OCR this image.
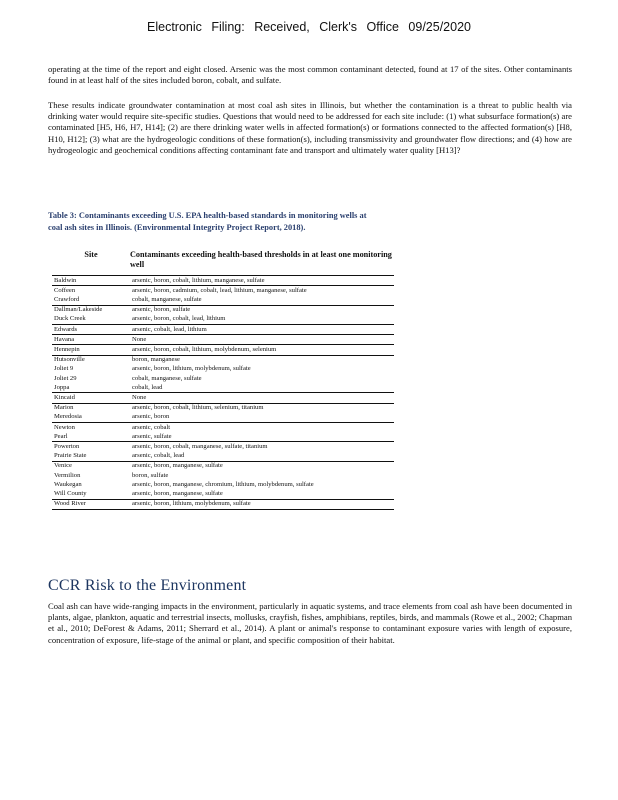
Electronic Filing: Received, Clerk's Office 09/25/2020
operating at the time of the report and eight closed. Arsenic was the most common contaminant detected, found at 17 of the sites. Other contaminants found in at least half of the sites included boron, cobalt, and sulfate.
These results indicate groundwater contamination at most coal ash sites in Illinois, but whether the contamination is a threat to public health via drinking water would require site-specific studies. Questions that would need to be addressed for each site include: (1) what subsurface formation(s) are contaminated [H5, H6, H7, H14]; (2) are there drinking water wells in affected formation(s) or formations connected to the affected formation(s) [H8, H10, H12]; (3) what are the hydrogeologic conditions of these formation(s), including transmissivity and groundwater flow directions; and (4) how are hydrogeologic and geochemical conditions affecting contaminant fate and transport and ultimately water quality [H13]?
Table 3: Contaminants exceeding U.S. EPA health-based standards in monitoring wells at coal ash sites in Illinois. (Environmental Integrity Project Report, 2018).
Site	Contaminants exceeding health-based thresholds in at least one monitoring well
Baldwin	arsenic, boron, cobalt, lithium, manganese, sulfate
Coffeen	arsenic, boron, cadmium, cobalt, lead, lithium, manganese, sulfate
Crawford	cobalt, manganese, sulfate
Dallman/Lakeside	arsenic, boron, sulfate
Duck Creek	arsenic, boron, cobalt, lead, lithium
Edwards	arsenic, cobalt, lead, lithium
Havana	None
Hennepin	arsenic, boron, cobalt, lithium, molybdenum, selenium
Hutsonville	boron, manganese
Joliet 9	arsenic, boron, lithium, molybdenum, sulfate
Joliet 29	cobalt, manganese, sulfate
Joppa	cobalt, lead
Kincaid	None
Marion	arsenic, boron, cobalt, lithium, selenium, titanium
Meredosia	arsenic, boron
Newton	arsenic, cobalt
Pearl	arsenic, sulfate
Powerton	arsenic, boron, cobalt, manganese, sulfate, titanium
Prairie State	arsenic, cobalt, lead
Venice	arsenic, boron, manganese, sulfate
Vermilion	boron, sulfate
Waukegan	arsenic, boron, manganese, chromium, lithium, molybdenum, sulfate
Will County	arsenic, boron, manganese, sulfate
Wood River	arsenic, boron, lithium, molybdenum, sulfate
CCR Risk to the Environment
Coal ash can have wide-ranging impacts in the environment, particularly in aquatic systems, and trace elements from coal ash have been documented in plants, algae, plankton, aquatic and terrestrial insects, mollusks, crayfish, fishes, amphibians, reptiles, birds, and mammals (Rowe et al., 2002; Chapman et al., 2010; DeForest & Adams, 2011; Sherrard et al., 2014). A plant or animal's response to contaminant exposure varies with length of exposure, concentration of exposure, life-stage of the animal or plant, and specific composition of their habitat.
